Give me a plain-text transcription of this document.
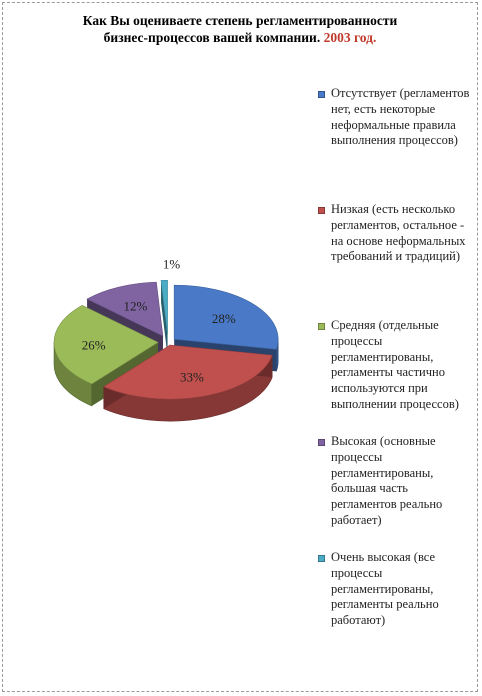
Как Вы оцениваете степень регламентированности
бизнес-процессов вашей компании. 2003 год.
28%
33%
26%
12%
1%
Отсутствует (регламентов нет, есть некоторые неформальные правила выполнения процессов)
Низкая (есть несколько регламентов, остальное - на основе неформальных требований и традиций)
Средняя (отдельные процессы регламентированы, регламенты частично используются при выполнении процессов)
Высокая (основные процессы регламентированы, большая часть регламентов реально работает)
Очень высокая (все процессы регламентированы, регламенты реально работают)
